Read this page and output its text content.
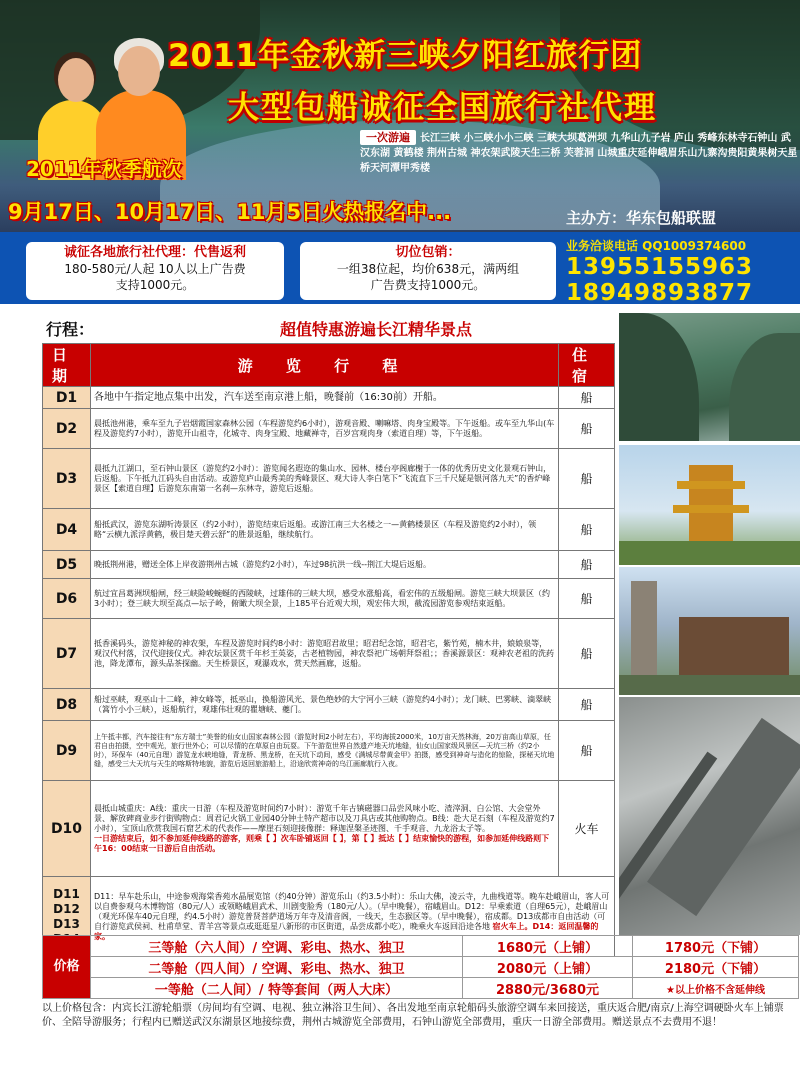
2011年金秋新三峡夕阳红旅行团
大型包船诚征全国旅行社代理
一次游遍 长江三峡 小三峡小小三峡 三峡大坝葛洲坝 九华山九子岩 庐山 秀峰东林寺石钟山 武汉东湖 黄鹤楼 荆州古城 神农架武陵天生三桥 芙蓉洞 山城重庆延伸峨眉乐山九寨沟贵阳黄果树天星桥天河潭甲秀楼
2011年秋季航次
9月17日、10月17日、11月5日火热报名中...	主办方：华东包船联盟
诚征各地旅行社代理：代售返利
180-580元/人起 10人以上广告费
支持1000元。
切位包销：
一组38位起，均价638元，满两组
广告费支持1000元。
业务洽谈电话 QQ1009374600
13955155963
18949893877
行程：	超值特惠游遍长江精华景点
日期	游 览 行 程	住宿
D1	各地中午指定地点集中出发，汽车送至南京港上船，晚餐前（16:30前）开船。	船
D2	晨抵池州港，乘车至九子岩烟霞国家森林公园（车程游览约6小时），游观音殿、喇嘛塔、肉身宝殿等。下午返船。或车至九华山(车程及游览约7小时），游览开山祖寺，化城寺、肉身宝殿、地藏禅寺，百岁宫观肉身（索道自理）等，下午返船。	船
D3	晨抵九江湖口，至石钟山景区（游览约2小时）：游览闻名遐迩的集山水、园林、楼台亭阁廊榭于一体的优秀历史文化景观石钟山，后返船。下午抵九江码头自由活动。或游览庐山最秀美的秀峰景区、观大诗人李白笔下“飞流直下三千尺疑是银河落九天”的香炉峰景区【索道自理】后游览东南第一名刹—东林寺，游览后返船。	船
D4	船抵武汉，游览东湖听涛景区（约2小时），游览结束后返船。或游江南三大名楼之一—黄鹤楼景区（车程及游览约2小时），领略“云横九派浮黄鹤，极目楚天碧云舒”的胜景返船，继续航行。	船
D5	晚抵荆州港，赠送全体上岸夜游荆州古城（游览约2小时），车过98抗洪一线--荆江大堤后返船。	船
D6	航过宜昌葛洲坝船闸，经三峡险峻蜿蜒的西陵峡，过雄伟的三峡大坝，感受水涨船高，看宏伟的五级船闸。游览三峡大坝景区（约3小时）；登三峡大坝至高点—坛子岭，俯瞰大坝全景，上185平台近观大坝，观宏伟大坝，截流园游览参观结束返船。	船
D7	抵香溪码头，游览神秘的神农架，车程及游览时间约8小时：游览昭君故里；昭君纪念馆，昭君宅，紫竹苑，楠木井，娘娘泉等，观汉代村落，汉代迎接仪式。神农坛景区赏千年杉王英姿，古老植物园，神农祭祀广场朝拜祭祖；；香溪源景区：观神农老祖的洗药池，降龙潭布，源头品茶探幽。天生桥景区，观瀑戏水，赏天然画廊，返船。	船
D8	船过巫峡，观巫山十二峰，神女峰等，抵巫山，换船游风光、景色绝妙的大宁河小三峡（游览约4小时）；龙门峡、巴雾峡、滴翠峡（篙竹小小三峡），返船航行，观雄伟壮观的瞿塘峡、夔门。	船
D9	上午抵丰都，汽车接往有“东方瑞士”美誉的仙女山国家森林公园（游览时间2小时左右），平均海拔2000米，10万亩天然林海，20万亩高山草原，任君自由拍摄，空中观光，旅行世外心；可以尽情的在草原自由玩耍。下午游览世界自然遗产地天坑地缝，仙女山国家级风景区—天坑三桥（约2小时），环保车（40元自理）游览龙水峡地缝，青龙桥、黑龙桥，在天坑下动间，感受《满城尽带黄金甲》拍摄，感受到神奇与造化的惊险，探秘天坑地缝，感受三大天坑与天生的喀斯特地貌，游览后返回旅游船上，沿途欣赏神奇的乌江画廊航行入夜。	船
D10	晨抵山城重庆：A线：重庆一日游（车程及游览时间约7小时）：游览千年古镇磁器口品尝风味小吃、渣滓洞、白公馆、大会堂外景、解放碑商业步行街购物点：周君记火锅工业园40分钟土特产超市以及刀具店或其他购物点。B线：赴大足石刻（车程及游览约7小时），宝顶山欣赏我国石窟艺术的代表作——摩崖石刻迎接像群：释迦涅槃圣迹图、千手观音、九龙浴太子等。
一日游结束后，如不参加延伸线路的游客，则乘【 】次车卧铺返回【 】，第【 】抵达【 】结束愉快的游程，如参加延伸线路则下午16：00结束一日游后自由活动。	火车
D11 D12 D13	D11：早车赴乐山，中途参观海棠香苑水晶展览馆（约40分钟）游览乐山（约3.5小时）：乐山大佛，凌云寺，九曲栈道等。晚车赴峨眉山，客人可以自费参观乌木博物馆（80元/人）或领略峨眉武术、川剧变脸秀（180元/人）。（早中晚餐），宿峨眉山。D12：早乘索道（自理65元），赴峨眉山（观光环保车40元自理，约4.5小时）游览普贤菩萨道场万年寺及清音阁，一线天，生态猴区等。（早中晚餐），宿成都。D13成都市自由活动（可自行游览武侯祠、杜甫草堂、青羊宫等景点或逛逛星八新形的市区街道，品尝成都小吃），晚乘火车返回沿途各地 宿火车上。D14：返回温馨的家。	
价格	三等舱（六人间）/ 空调、彩电、热水、独卫	1680元（上铺）	1780元（下铺）
	二等舱（四人间）/ 空调、彩电、热水、独卫	2080元（上铺）	2180元（下铺）
	一等舱（二人间）/ 特等套间（两人大床）	2880元/3680元	★以上价格不含延伸线
以上价格包含：内宾长江游轮船票（房间均有空调、电视、独立淋浴卫生间）、各出发地至南京轮船码头旅游空调车来回接送，重庆返合肥/南京/上海空调硬卧火车上铺票价、全陪导游服务；行程内已赠送武汉东湖景区地接综费，荆州古城游览全部费用，石钟山游览全部费用，重庆一日游全部费用。赠送景点不去费用不退！
